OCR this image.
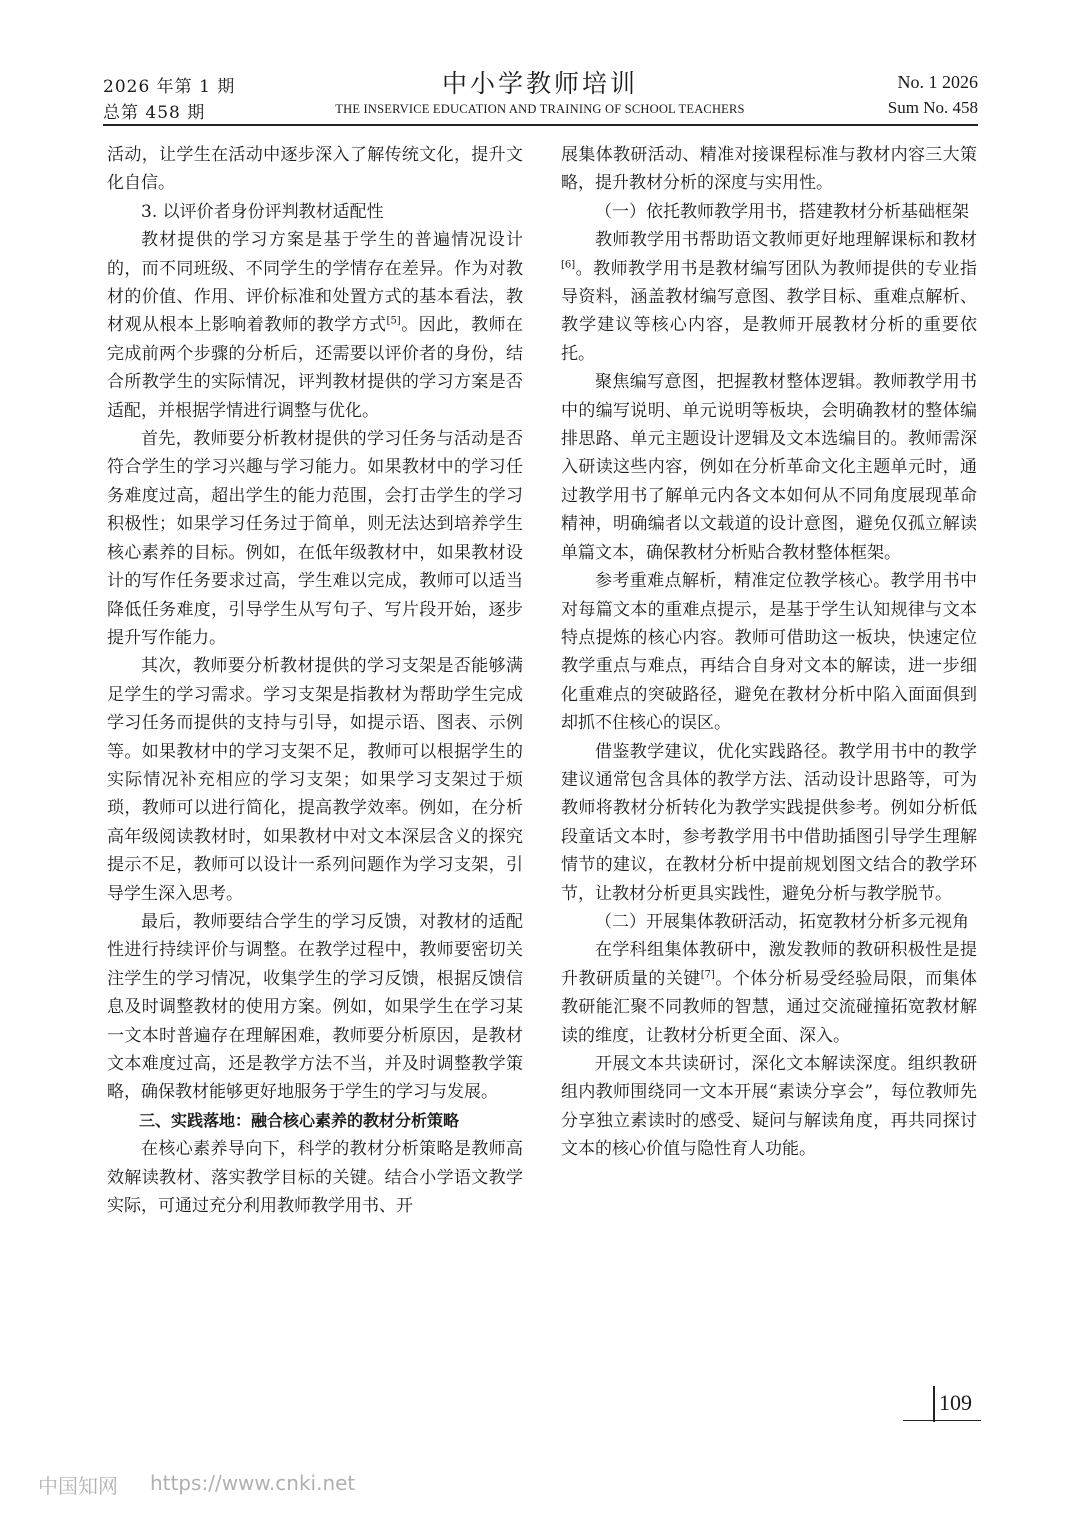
2026 年第 1 期
总第 458 期
中小学教师培训
THE INSERVICE EDUCATION AND TRAINING OF SCHOOL TEACHERS
No. 1 2026
Sum No. 458

活动，让学生在活动中逐步深入了解传统文化，提升文化自信。

3. 以评价者身份评判教材适配性

教材提供的学习方案是基于学生的普遍情况设计的，而不同班级、不同学生的学情存在差异。作为对教材的价值、作用、评价标准和处置方式的基本看法，教材观从根本上影响着教师的教学方式[5]。因此，教师在完成前两个步骤的分析后，还需要以评价者的身份，结合所教学生的实际情况，评判教材提供的学习方案是否适配，并根据学情进行调整与优化。

首先，教师要分析教材提供的学习任务与活动是否符合学生的学习兴趣与学习能力。如果教材中的学习任务难度过高，超出学生的能力范围，会打击学生的学习积极性；如果学习任务过于简单，则无法达到培养学生核心素养的目标。例如，在低年级教材中，如果教材设计的写作任务要求过高，学生难以完成，教师可以适当降低任务难度，引导学生从写句子、写片段开始，逐步提升写作能力。

其次，教师要分析教材提供的学习支架是否能够满足学生的学习需求。学习支架是指教材为帮助学生完成学习任务而提供的支持与引导，如提示语、图表、示例等。如果教材中的学习支架不足，教师可以根据学生的实际情况补充相应的学习支架；如果学习支架过于烦琐，教师可以进行简化，提高教学效率。例如，在分析高年级阅读教材时，如果教材中对文本深层含义的探究提示不足，教师可以设计一系列问题作为学习支架，引导学生深入思考。

最后，教师要结合学生的学习反馈，对教材的适配性进行持续评价与调整。在教学过程中，教师要密切关注学生的学习情况，收集学生的学习反馈，根据反馈信息及时调整教材的使用方案。例如，如果学生在学习某一文本时普遍存在理解困难，教师要分析原因，是教材文本难度过高，还是教学方法不当，并及时调整教学策略，确保教材能够更好地服务于学生的学习与发展。

三、实践落地：融合核心素养的教材分析策略

在核心素养导向下，科学的教材分析策略是教师高效解读教材、落实教学目标的关键。结合小学语文教学实际，可通过充分利用教师教学用书、开

展集体教研活动、精准对接课程标准与教材内容三大策略，提升教材分析的深度与实用性。

（一）依托教师教学用书，搭建教材分析基础框架

教师教学用书帮助语文教师更好地理解课标和教材[6]。教师教学用书是教材编写团队为教师提供的专业指导资料，涵盖教材编写意图、教学目标、重难点解析、教学建议等核心内容，是教师开展教材分析的重要依托。

聚焦编写意图，把握教材整体逻辑。教师教学用书中的编写说明、单元说明等板块，会明确教材的整体编排思路、单元主题设计逻辑及文本选编目的。教师需深入研读这些内容，例如在分析革命文化主题单元时，通过教学用书了解单元内各文本如何从不同角度展现革命精神，明确编者以文载道的设计意图，避免仅孤立解读单篇文本，确保教材分析贴合教材整体框架。

参考重难点解析，精准定位教学核心。教学用书中对每篇文本的重难点提示，是基于学生认知规律与文本特点提炼的核心内容。教师可借助这一板块，快速定位教学重点与难点，再结合自身对文本的解读，进一步细化重难点的突破路径，避免在教材分析中陷入面面俱到却抓不住核心的误区。

借鉴教学建议，优化实践路径。教学用书中的教学建议通常包含具体的教学方法、活动设计思路等，可为教师将教材分析转化为教学实践提供参考。例如分析低段童话文本时，参考教学用书中借助插图引导学生理解情节的建议，在教材分析中提前规划图文结合的教学环节，让教材分析更具实践性，避免分析与教学脱节。

（二）开展集体教研活动，拓宽教材分析多元视角

在学科组集体教研中，激发教师的教研积极性是提升教研质量的关键[7]。个体分析易受经验局限，而集体教研能汇聚不同教师的智慧，通过交流碰撞拓宽教材解读的维度，让教材分析更全面、深入。

开展文本共读研讨，深化文本解读深度。组织教研组内教师围绕同一文本开展“素读分享会”，每位教师先分享独立素读时的感受、疑问与解读角度，再共同探讨文本的核心价值与隐性育人功能。

109
中国知网 https://www.cnki.net
